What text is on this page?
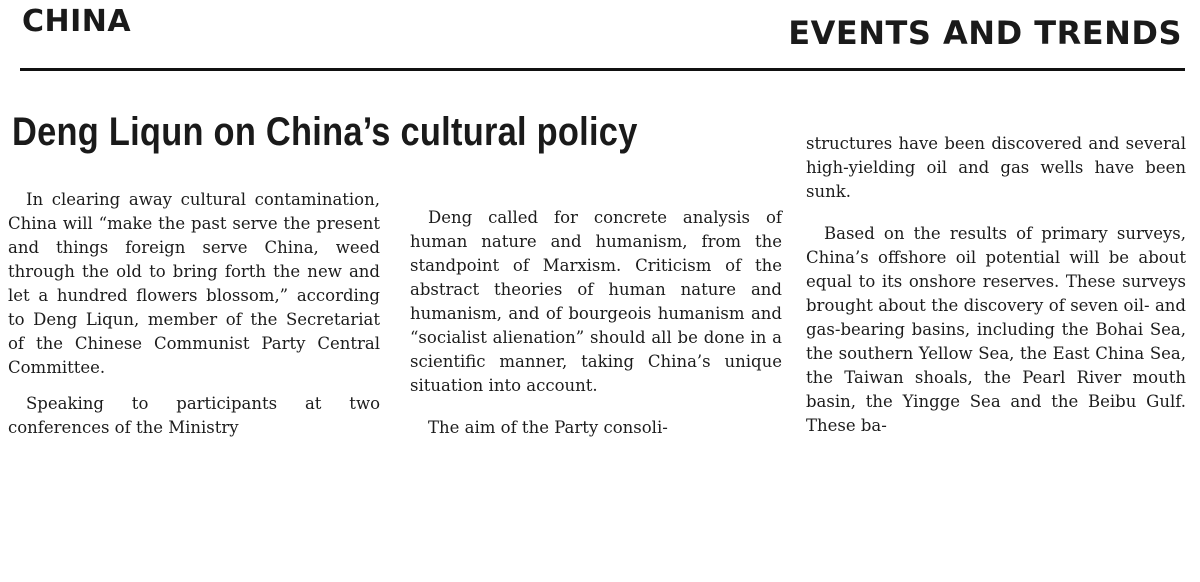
CHINA	EVENTS AND TRENDS
Deng Liqun on China’s cultural policy

In clearing away cultural contamination, China will “make the past serve the present and things foreign serve China, weed through the old to bring forth the new and let a hundred flowers blossom,” according to Deng Liqun, member of the Secretariat of the Chinese Communist Party Central Committee.

Speaking to participants at two conferences of the Ministry

Deng called for concrete analysis of human nature and humanism, from the standpoint of Marxism. Criticism of the abstract theories of human nature and humanism, and of bourgeois humanism and “socialist alienation” should all be done in a scientific manner, taking China’s unique situation into account.

The aim of the Party consoli-

structures have been discovered and several high-yielding oil and gas wells have been sunk.

Based on the results of primary surveys, China’s offshore oil potential will be about equal to its onshore reserves. These surveys brought about the discovery of seven oil- and gas-bearing basins, including the Bohai Sea, the southern Yellow Sea, the East China Sea, the Taiwan shoals, the Pearl River mouth basin, the Yingge Sea and the Beibu Gulf. These ba-
